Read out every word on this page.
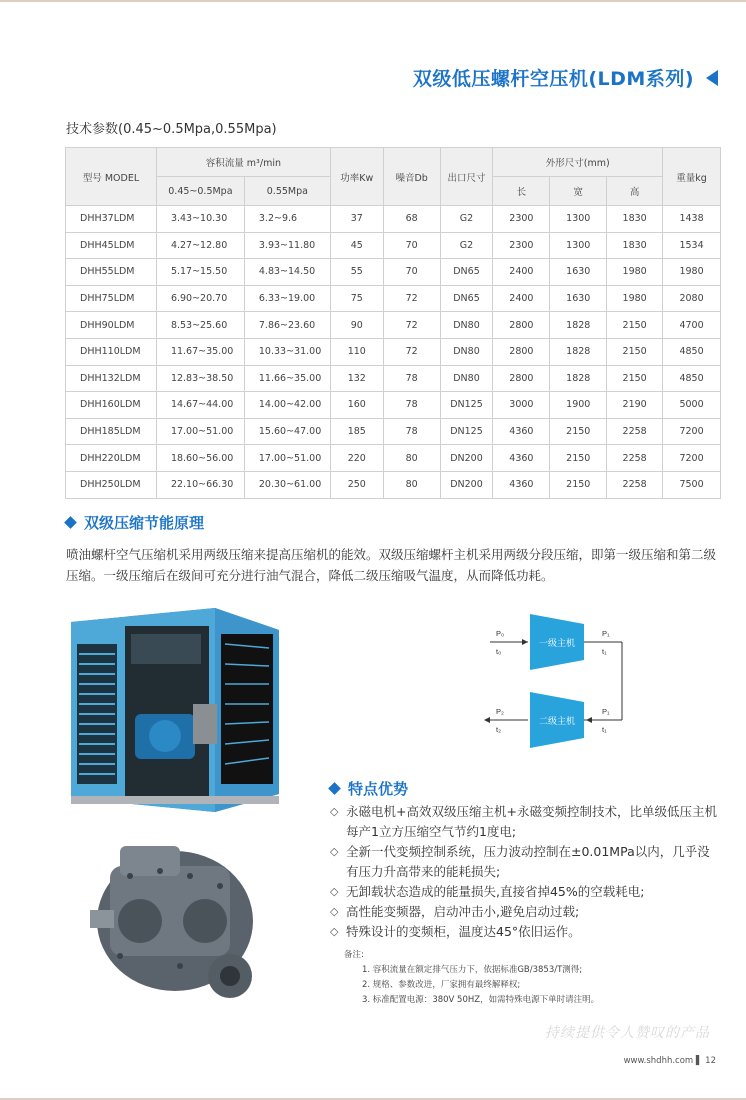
双级低压螺杆空压机(LDM系列)
技术参数(0.45~0.5Mpa,0.55Mpa)
型号 MODEL	容积流量 m³/min		功率Kw	噪音Db	出口尺寸	外形尺寸(mm)			重量kg
	0.45~0.5Mpa	0.55Mpa				长	宽	高	
DHH37LDM	3.43~10.30	3.2~9.6	37	68	G2	2300	1300	1830	1438
DHH45LDM	4.27~12.80	3.93~11.80	45	70	G2	2300	1300	1830	1534
DHH55LDM	5.17~15.50	4.83~14.50	55	70	DN65	2400	1630	1980	1980
DHH75LDM	6.90~20.70	6.33~19.00	75	72	DN65	2400	1630	1980	2080
DHH90LDM	8.53~25.60	7.86~23.60	90	72	DN80	2800	1828	2150	4700
DHH110LDM	11.67~35.00	10.33~31.00	110	72	DN80	2800	1828	2150	4850
DHH132LDM	12.83~38.50	11.66~35.00	132	78	DN80	2800	1828	2150	4850
DHH160LDM	14.67~44.00	14.00~42.00	160	78	DN125	3000	1900	2190	5000
DHH185LDM	17.00~51.00	15.60~47.00	185	78	DN125	4360	2150	2258	7200
DHH220LDM	18.60~56.00	17.00~51.00	220	80	DN200	4360	2150	2258	7200
DHH250LDM	22.10~66.30	20.30~61.00	250	80	DN200	4360	2150	2258	7500
双级压缩节能原理
喷油螺杆空气压缩机采用两级压缩来提高压缩机的能效。双级压缩螺杆主机采用两级分段压缩，即第一级压缩和第二级压缩。一级压缩后在级间可充分进行油气混合，降低二级压缩吸气温度，从而降低功耗。
一级主机
二级主机
P₀
t₀
P₁
t₁
P₁
t₁
P₂
t₂
特点优势
◇ 永磁电机+高效双级压缩主机+永磁变频控制技术，比单级低压主机每产1立方压缩空气节约1度电;
◇ 全新一代变频控制系统，压力波动控制在±0.01MPa以内，几乎没有压力升高带来的能耗损失;
◇ 无卸载状态造成的能量损失,直接省掉45%的空载耗电;
◇ 高性能变频器，启动冲击小,避免启动过载;
◇ 特殊设计的变频柜，温度达45°依旧运作。
备注:
1. 容积流量在额定排气压力下，依据标准GB/3853/T测得;
2. 规格、参数改进，厂家拥有最终解释权;
3. 标准配置电源：380V 50HZ，如需特殊电源下单时请注明。
持续提供令人赞叹的产品
www.shdhh.com ▌ 12
